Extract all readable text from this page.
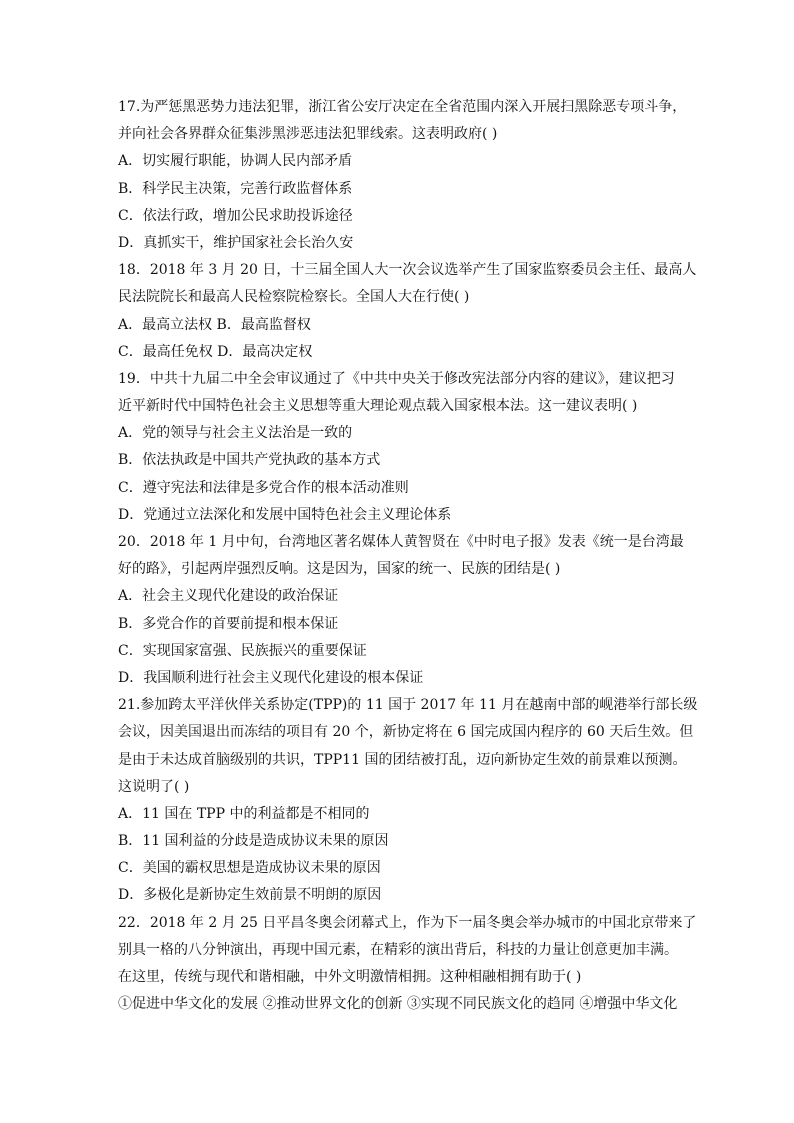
17.为严惩黑恶势力违法犯罪，浙江省公安厅决定在全省范围内深入开展扫黑除恶专项斗争，
并向社会各界群众征集涉黑涉恶违法犯罪线索。这表明政府( )
A．切实履行职能，协调人民内部矛盾
B．科学民主决策，完善行政监督体系
C．依法行政，增加公民求助投诉途径
D．真抓实干，维护国家社会长治久安
18．2018 年 3 月 20 日，十三届全国人大一次会议选举产生了国家监察委员会主任、最高人
民法院院长和最高人民检察院检察长。全国人大在行使( )
A．最高立法权 B．最高监督权
C．最高任免权 D．最高决定权
19．中共十九届二中全会审议通过了《中共中央关于修改宪法部分内容的建议》，建议把习
近平新时代中国特色社会主义思想等重大理论观点载入国家根本法。这一建议表明( )
A．党的领导与社会主义法治是一致的
B．依法执政是中国共产党执政的基本方式
C．遵守宪法和法律是多党合作的根本活动准则
D．党通过立法深化和发展中国特色社会主义理论体系
20．2018 年 1 月中旬，台湾地区著名媒体人黄智贤在《中时电子报》发表《统一是台湾最
好的路》，引起两岸强烈反响。这是因为，国家的统一、民族的团结是( )
A．社会主义现代化建设的政治保证
B．多党合作的首要前提和根本保证
C．实现国家富强、民族振兴的重要保证
D．我国顺利进行社会主义现代化建设的根本保证
21.参加跨太平洋伙伴关系协定(TPP)的 11 国于 2017 年 11 月在越南中部的岘港举行部长级
会议，因美国退出而冻结的项目有 20 个，新协定将在 6 国完成国内程序的 60 天后生效。但
是由于未达成首脑级别的共识，TPP11 国的团结被打乱，迈向新协定生效的前景难以预测。
这说明了( )
A．11 国在 TPP 中的利益都是不相同的
B．11 国利益的分歧是造成协议未果的原因
C．美国的霸权思想是造成协议未果的原因
D．多极化是新协定生效前景不明朗的原因
22．2018 年 2 月 25 日平昌冬奥会闭幕式上，作为下一届冬奥会举办城市的中国北京带来了
别具一格的八分钟演出，再现中国元素，在精彩的演出背后，科技的力量让创意更加丰满。
在这里，传统与现代和谐相融，中外文明激情相拥。这种相融相拥有助于( )
①促进中华文化的发展 ②推动世界文化的创新 ③实现不同民族文化的趋同 ④增强中华文化
